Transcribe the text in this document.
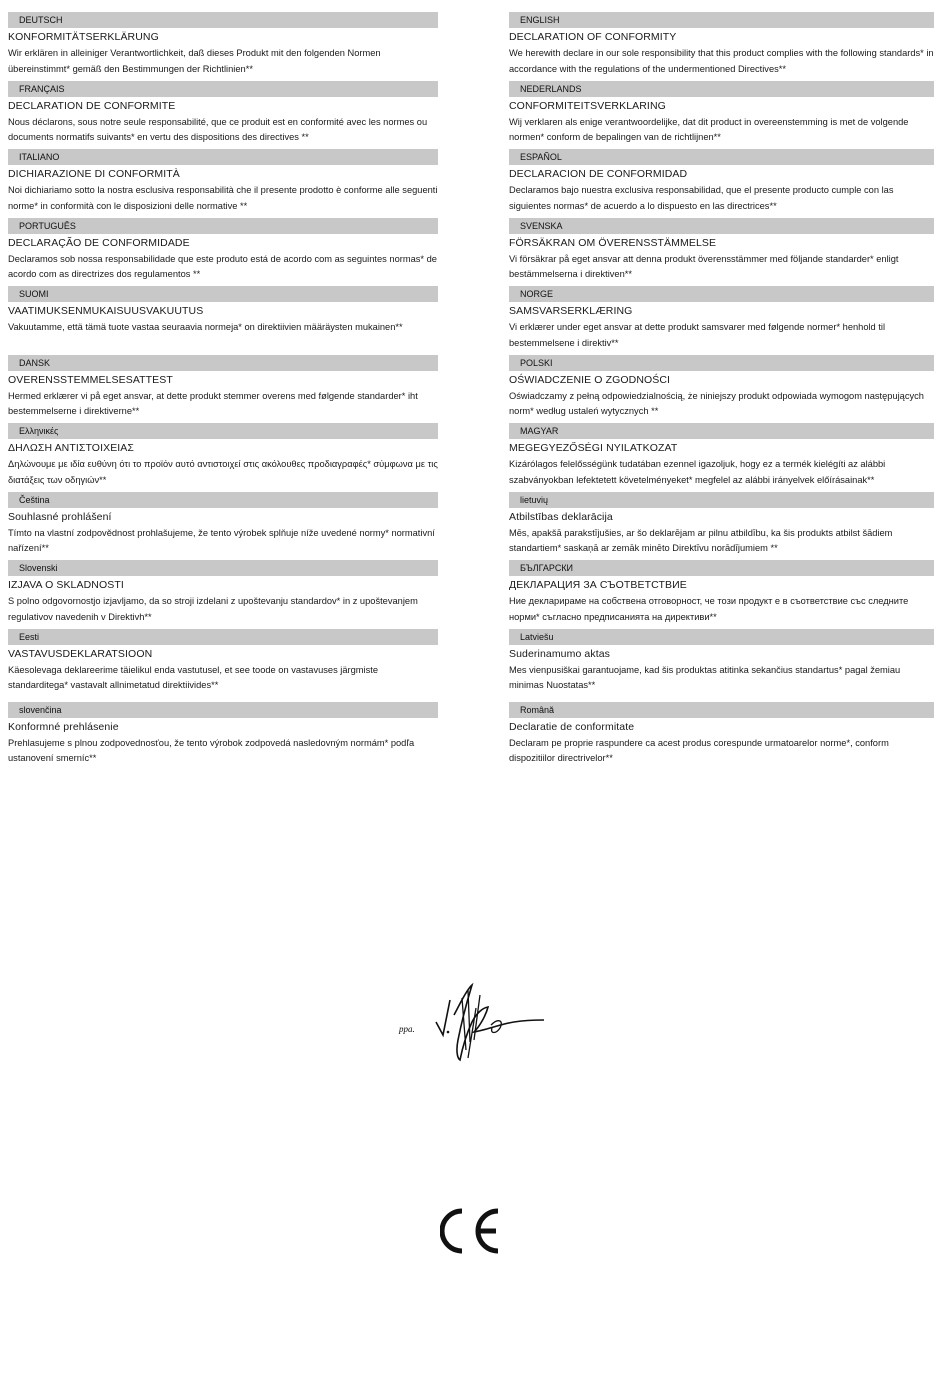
DEUTSCH
KONFORMITÄTSERKLÄRUNG
Wir erklären in alleiniger Verantwortlichkeit, daß dieses Produkt mit den folgenden Normen übereinstimmt* gemäß den Bestimmungen der Richtlinien**
FRANÇAIS
DECLARATION DE CONFORMITE
Nous déclarons, sous notre seule responsabilité, que ce produit est en conformité avec les normes ou documents normatifs suivants* en vertu des dispositions des directives **
ITALIANO
DICHIARAZIONE DI CONFORMITÀ
Noi dichiariamo sotto la nostra esclusiva responsabilità che il presente prodotto è conforme alle seguenti norme* in conformità con le disposizioni delle normative **
PORTUGUÊS
DECLARAÇÃO DE CONFORMIDADE
Declaramos sob nossa responsabilidade que este produto está de acordo com as seguintes normas* de acordo com as directrizes dos regulamentos **
SUOMI
VAATIMUKSENMUKAISUUSVAKUUTUS
Vakuutamme, että tämä tuote vastaa seuraavia normeja* on direktiivien määräysten mukainen**
DANSK
OVERENSSTEMMELSESATTEST
Hermed erklærer vi på eget ansvar, at dette produkt stemmer overens med følgende standarder* iht bestemmelserne i direktiverne**
Ελληνικές
ΔΗΛΩΣΗ ΑΝΤΙΣΤΟΙΧΕΙΑΣ
Δηλώνουμε με ιδία ευθύνη ότι το προϊόν αυτό αντιστοιχεί στις ακόλουθες προδιαγραφές* σύμφωνα με τις διατάξεις των οδηγιών**
Čeština
Souhlasné prohlášení
Tímto na vlastní zodpovědnost prohlašujeme, že tento výrobek splňuje níže uvedené normy* normativní nařízení**
Slovenski
IZJAVA O SKLADNOSTI
S polno odgovornostjo izjavljamo, da so stroji izdelani z upoštevanju standardov* in z upoštevanjem regulativov navedenih v Direktivh**
Eesti
VASTAVUSDEKLARATSIOON
Käesolevaga deklareerime täielikul enda vastutusel, et see toode on vastavuses järgmiste standarditega* vastavalt allnimetatud direktiivides**
slovenčina
Konformné prehlásenie
Prehlasujeme s plnou zodpovednosťou, že tento výrobok zodpovedá nasledovným normám* podľa ustanovení smerníc**
ENGLISH
DECLARATION OF CONFORMITY
We herewith declare in our sole responsibility that this product complies with the following standards* in accordance with the regulations of the undermentioned Directives**
NEDERLANDS
CONFORMITEITSVERKLARING
Wij verklaren als enige verantwoordelijke, dat dit product in overeenstemming is met de volgende normen* conform de bepalingen van de richtlijnen**
ESPAÑOL
DECLARACION DE CONFORMIDAD
Declaramos bajo nuestra exclusiva responsabilidad, que el presente producto cumple con las siguientes normas* de acuerdo a lo dispuesto en las directrices**
SVENSKA
FÖRSÄKRAN OM ÖVERENSSTÄMMELSE
Vi försäkrar på eget ansvar att denna produkt överensstämmer med följande standarder* enligt bestämmelserna i direktiven**
NORGE
SAMSVARSERKLÆRING
Vi erklærer under eget ansvar at dette produkt samsvarer med følgende normer* henhold til bestemmelsene i direktiv**
POLSKI
OŚWIADCZENIE O ZGODNOŚCI
Oświadczamy z pełną odpowiedzialnością, że niniejszy produkt odpowiada wymogom następujących norm* według ustaleń wytycznych **
MAGYAR
MEGEGYEZŐSÉGI NYILATKOZAT
Kizárólagos felelősségünk tudatában ezennel igazoljuk, hogy ez a termék kielégíti az alábbi szabványokban lefektetett követelményeket* megfelel az alábbi irányelvek előírásainak**
lietuvių
Atbilstības deklarācija
Mēs, apakšā parakstījušies, ar šo deklarējam ar pilnu atbildību, ka šis produkts atbilst šādiem standartiem* saskaņā ar zemāk minēto Direktīvu norādījumiem **
БЪЛГАРСКИ
ДЕКЛАРАЦИЯ ЗА СЪОТВЕТСТВИЕ
Ние декларираме на собствена отговорност, че този продукт е в съответствие със следните норми* съгласно предписанията на директиви**
Latviešu
Suderinamumo aktas
Mes vienpusiškai garantuojame, kad šis produktas atitinka sekančius standartus* pagal žemiau minimas Nuostatas**
Română
Declaratie de conformitate
Declaram pe proprie raspundere ca acest produs corespunde urmatoarelor norme*, conform dispozitiilor directrivelor**
ppa.
